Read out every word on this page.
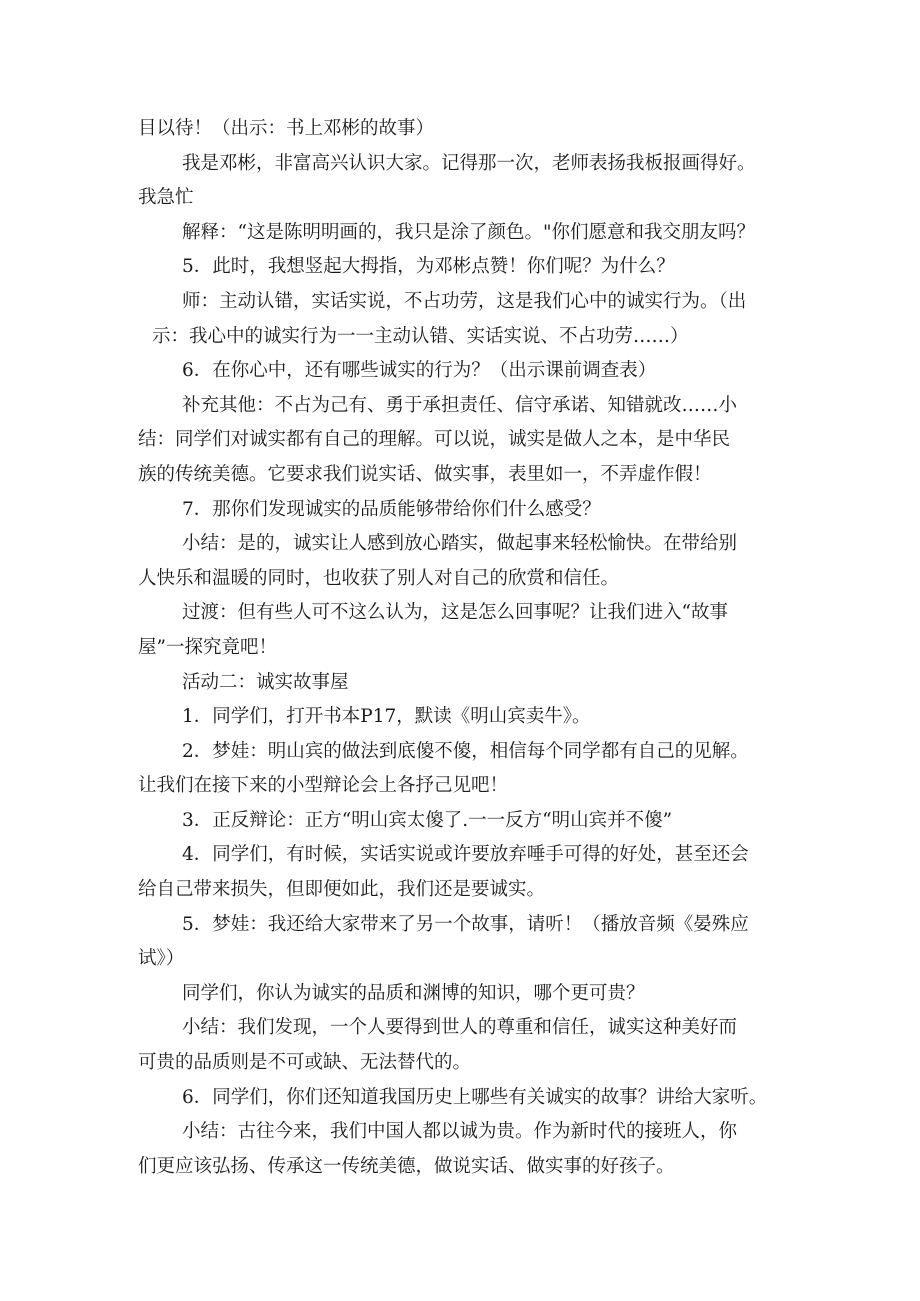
目以待！（出示：书上邓彬的故事）
我是邓彬，非富高兴认识大家。记得那一次，老师表扬我板报画得好。
我急忙
解释：“这是陈明明画的，我只是涂了颜色。"你们愿意和我交朋友吗？
5．此时，我想竖起大拇指，为邓彬点赞！你们呢？为什么？
师：主动认错，实话实说，不占功劳，这是我们心中的诚实行为。（出
示：我心中的诚实行为一一主动认错、实话实说、不占功劳……）
6．在你心中，还有哪些诚实的行为？（出示课前调查表）
补充其他：不占为己有、勇于承担责任、信守承诺、知错就改……小
结：同学们对诚实都有自己的理解。可以说，诚实是做人之本，是中华民
族的传统美德。它要求我们说实话、做实事，表里如一，不弄虚作假！
7．那你们发现诚实的品质能够带给你们什么感受？
小结：是的，诚实让人感到放心踏实，做起事来轻松愉快。在带给别
人快乐和温暖的同时，也收获了别人对自己的欣赏和信任。
过渡：但有些人可不这么认为，这是怎么回事呢？让我们进入“故事
屋”一探究竟吧！
活动二：诚实故事屋
1．同学们，打开书本P17，默读《明山宾卖牛》。
2．梦娃：明山宾的做法到底傻不傻，相信每个同学都有自己的见解。
让我们在接下来的小型辩论会上各抒己见吧！
3．正反辩论：正方“明山宾太傻了.一一反方“明山宾并不傻”
4．同学们，有时候，实话实说或许要放弃唾手可得的好处，甚至还会
给自己带来损失，但即便如此，我们还是要诚实。
5．梦娃：我还给大家带来了另一个故事，请听！（播放音频《晏殊应
试》）
同学们，你认为诚实的品质和渊博的知识，哪个更可贵？
小结：我们发现，一个人要得到世人的尊重和信任，诚实这种美好而
可贵的品质则是不可或缺、无法替代的。
6．同学们，你们还知道我国历史上哪些有关诚实的故事？讲给大家听。
小结：古往今来，我们中国人都以诚为贵。作为新时代的接班人，你
们更应该弘扬、传承这一传统美德，做说实话、做实事的好孩子。
